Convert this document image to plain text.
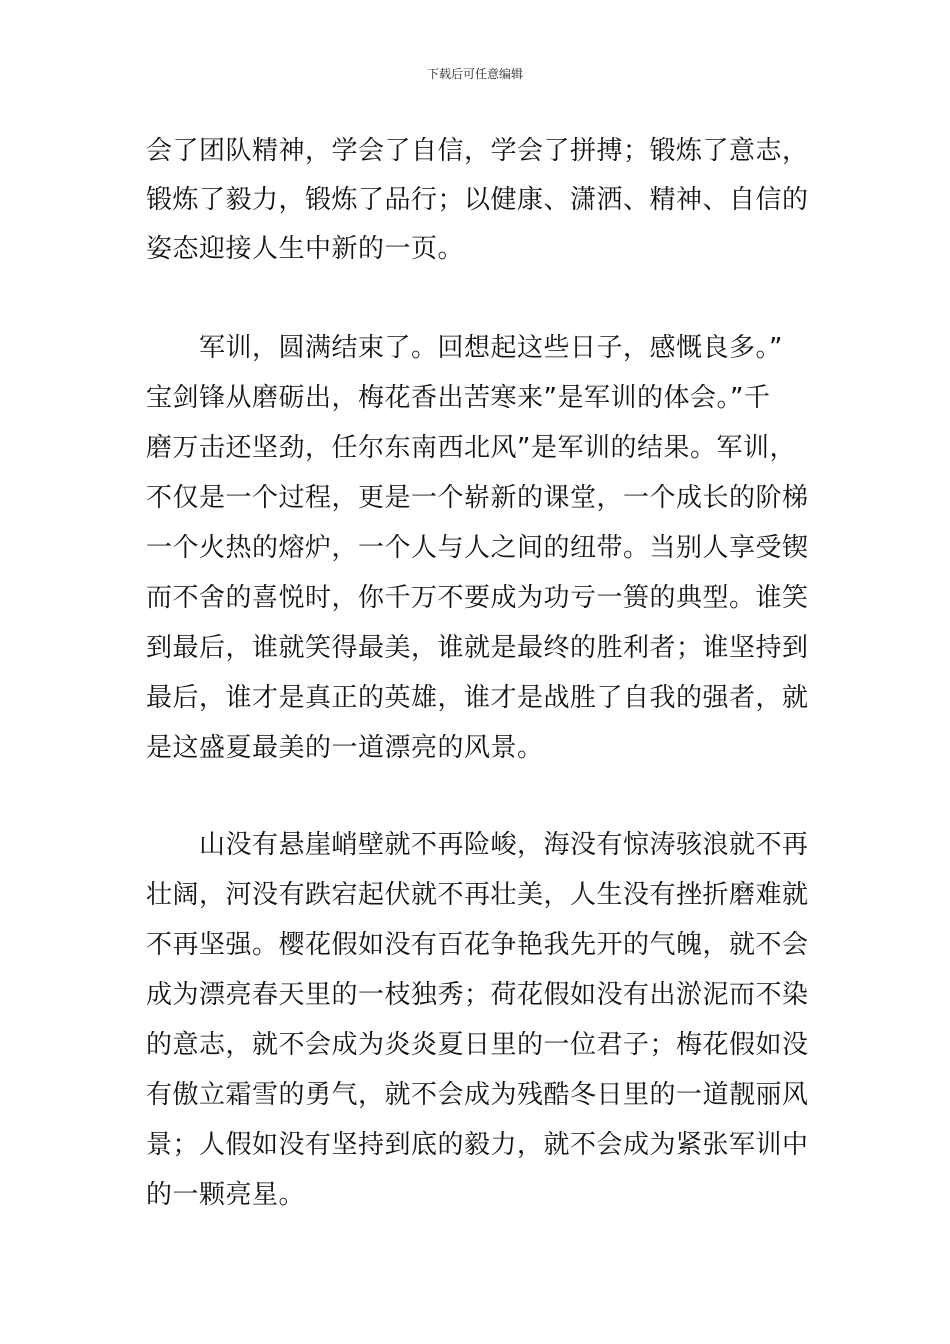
下载后可任意编辑
会了团队精神，学会了自信，学会了拼搏；锻炼了意志，
锻炼了毅力，锻炼了品行；以健康、潇洒、精神、自信的
姿态迎接人生中新的一页。
　　军训，圆满结束了。回想起这些日子，感慨良多。”
宝剑锋从磨砺出，梅花香出苦寒来”是军训的体会。”千
磨万击还坚劲，任尔东南西北风”是军训的结果。军训，
不仅是一个过程，更是一个崭新的课堂，一个成长的阶梯
一个火热的熔炉，一个人与人之间的纽带。当别人享受锲
而不舍的喜悦时，你千万不要成为功亏一篑的典型。谁笑
到最后，谁就笑得最美，谁就是最终的胜利者；谁坚持到
最后，谁才是真正的英雄，谁才是战胜了自我的强者，就
是这盛夏最美的一道漂亮的风景。
　　山没有悬崖峭壁就不再险峻，海没有惊涛骇浪就不再
壮阔，河没有跌宕起伏就不再壮美，人生没有挫折磨难就
不再坚强。樱花假如没有百花争艳我先开的气魄，就不会
成为漂亮春天里的一枝独秀；荷花假如没有出淤泥而不染
的意志，就不会成为炎炎夏日里的一位君子；梅花假如没
有傲立霜雪的勇气，就不会成为残酷冬日里的一道靓丽风
景；人假如没有坚持到底的毅力，就不会成为紧张军训中
的一颗亮星。
